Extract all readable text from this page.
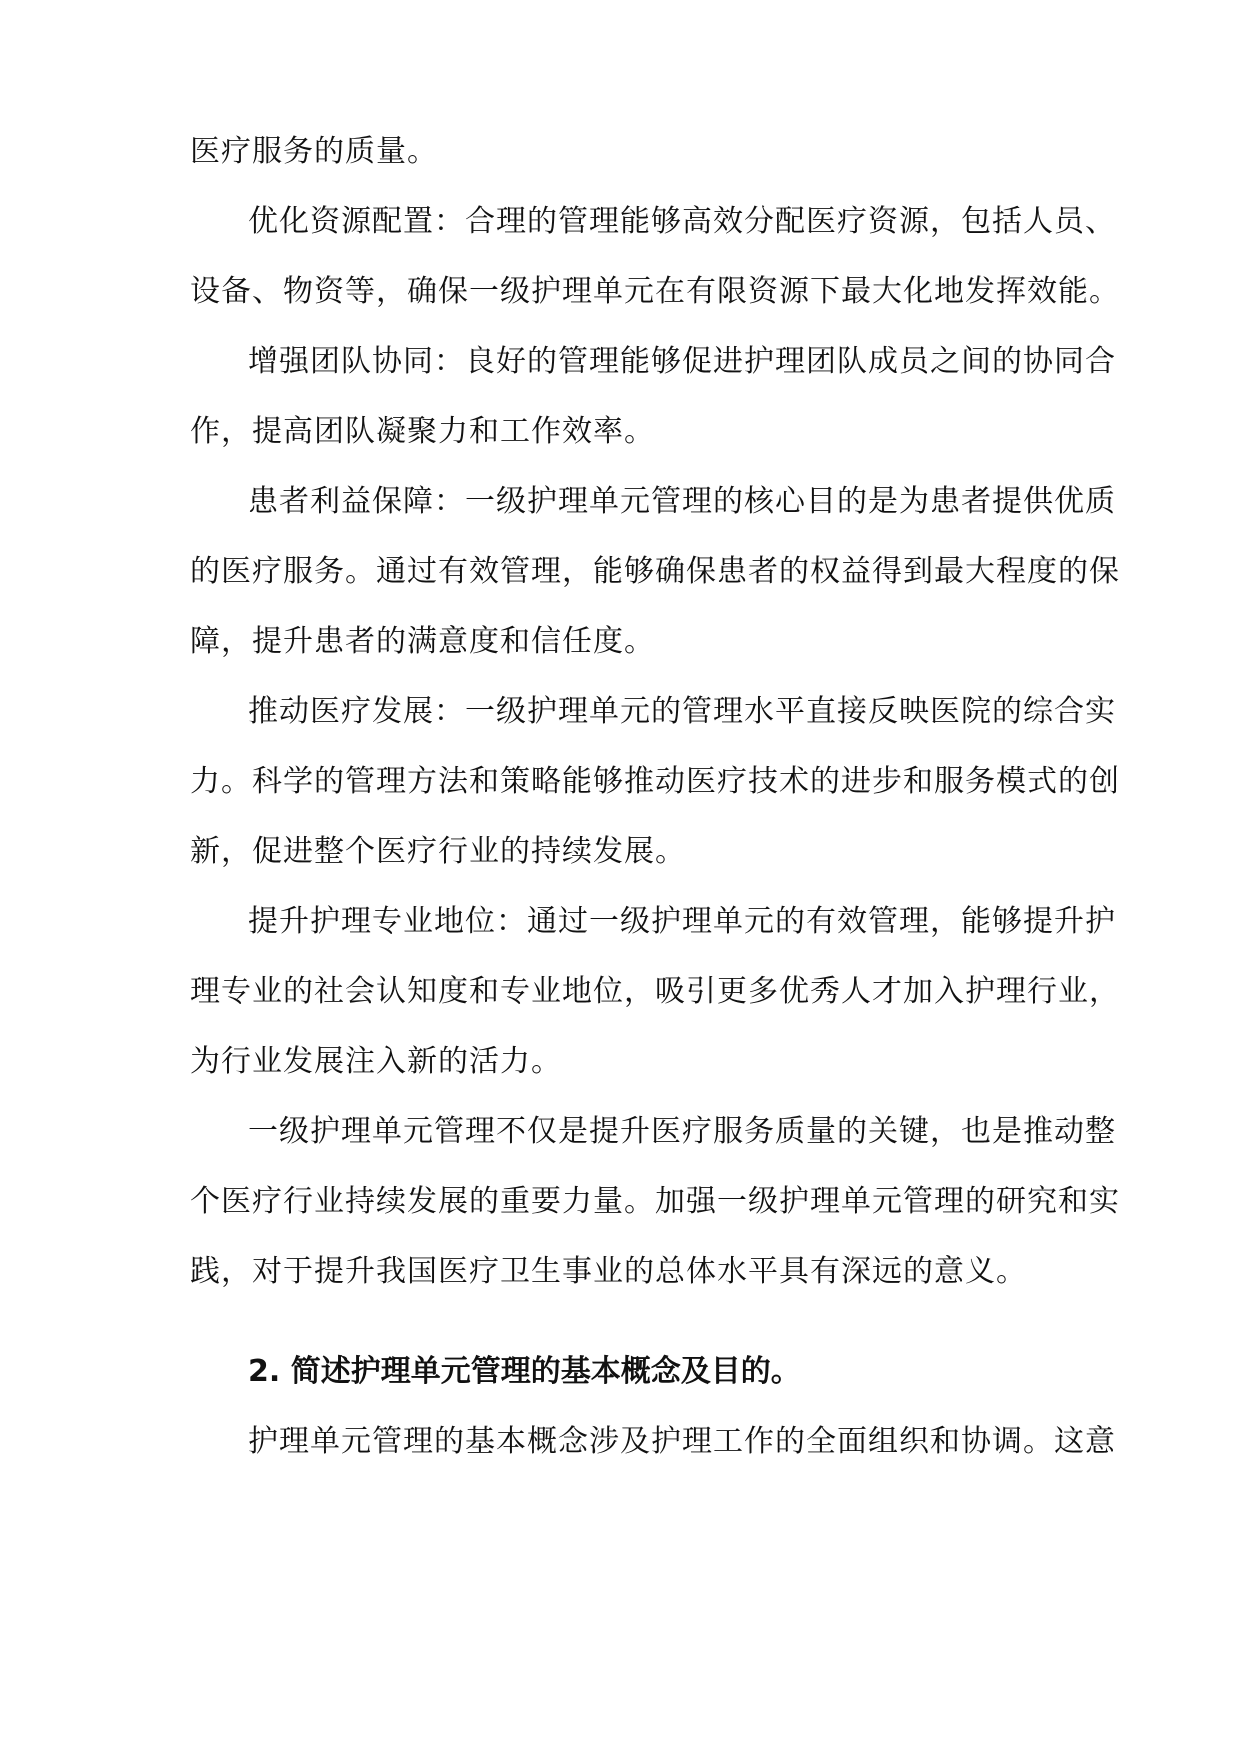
医疗服务的质量。
优化资源配置：合理的管理能够高效分配医疗资源，包括人员、
设备、物资等，确保一级护理单元在有限资源下最大化地发挥效能。
增强团队协同：良好的管理能够促进护理团队成员之间的协同合
作，提高团队凝聚力和工作效率。
患者利益保障：一级护理单元管理的核心目的是为患者提供优质
的医疗服务。通过有效管理，能够确保患者的权益得到最大程度的保
障，提升患者的满意度和信任度。
推动医疗发展：一级护理单元的管理水平直接反映医院的综合实
力。科学的管理方法和策略能够推动医疗技术的进步和服务模式的创
新，促进整个医疗行业的持续发展。
提升护理专业地位：通过一级护理单元的有效管理，能够提升护
理专业的社会认知度和专业地位，吸引更多优秀人才加入护理行业，
为行业发展注入新的活力。
一级护理单元管理不仅是提升医疗服务质量的关键，也是推动整
个医疗行业持续发展的重要力量。加强一级护理单元管理的研究和实
践，对于提升我国医疗卫生事业的总体水平具有深远的意义。
2. 简述护理单元管理的基本概念及目的。
护理单元管理的基本概念涉及护理工作的全面组织和协调。这意
